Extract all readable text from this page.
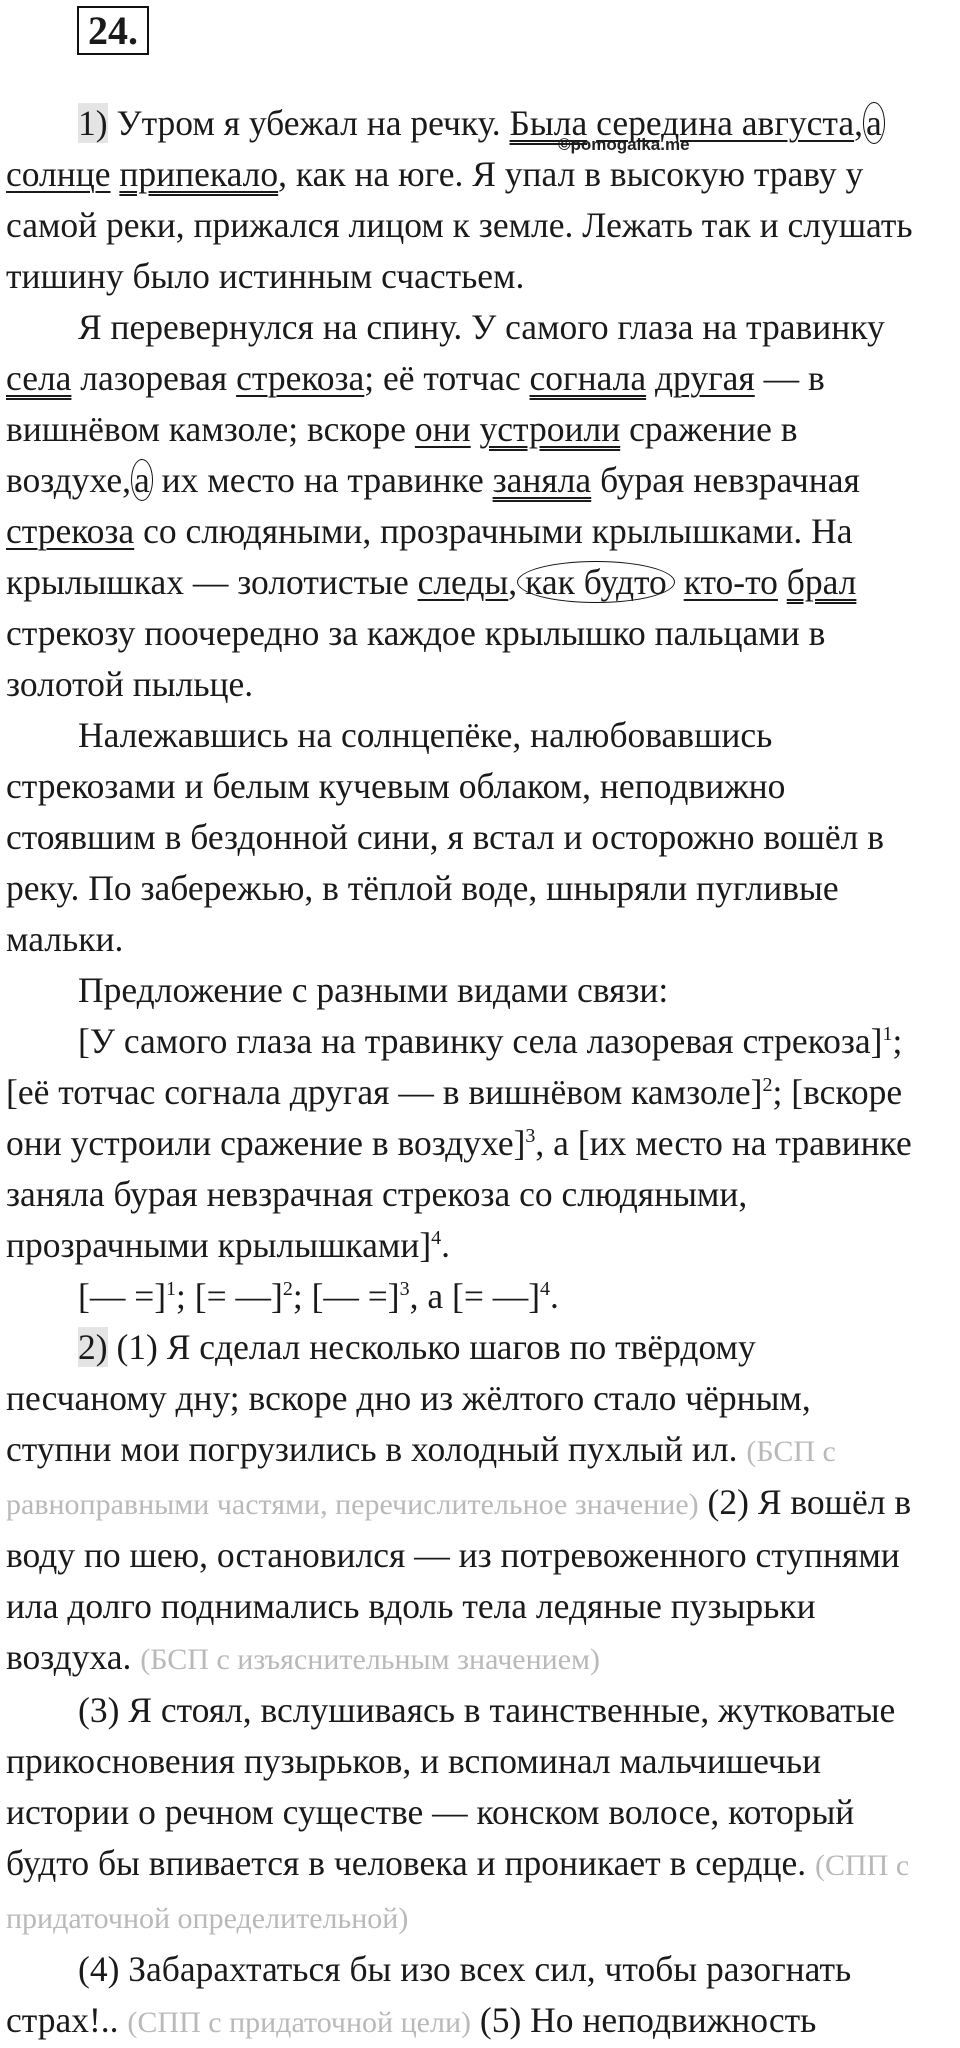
24.
©pomogalka.me

1) Утром я убежал на речку. Была середина августа,а солнце припекало, как на юге. Я упал в высокую траву у самой реки, прижался лицом к земле. Лежать так и слушать тишину было истинным счастьем.

Я перевернулся на спину. У самого глаза на травинку села лазоревая стрекоза; её тотчас согнала другая — в вишнёвом камзоле; вскоре они устроили сражение в воздухе,а их место на травинке заняла бурая невзрачная стрекоза со слюдяными, прозрачными крылышками. На крылышках — золотистые следы, как будто кто-то брал стрекозу поочередно за каждое крылышко пальцами в золотой пыльце.

Належавшись на солнцепёке, налюбовавшись стрекозами и белым кучевым облаком, неподвижно стоявшим в бездонной сини, я встал и осторожно вошёл в реку. По забережью, в тёплой воде, шныряли пугливые мальки.

Предложение с разными видами связи:

[У самого глаза на травинку села лазоревая стрекоза]$^1$; [её тотчас согнала другая — в вишнёвом камзоле]$^2$; [вскоре они устроили сражение в воздухе]$^3$, а [их место на травинке заняла бурая невзрачная стрекоза со слюдяными, прозрачными крылышками]$^4$.

[— =]$^1$; [= —]$^2$; [— =]$^3$, а [= —]$^4$.

2) (1) Я сделал несколько шагов по твёрдому песчаному дну; вскоре дно из жёлтого стало чёрным, ступни мои погрузились в холодный пухлый ил. (БСП с равноправными частями, перечислительное значение) (2) Я вошёл в воду по шею, остановился — из потревоженного ступнями ила долго поднимались вдоль тела ледяные пузырьки воздуха. (БСП с изъяснительным значением)

(3) Я стоял, вслушиваясь в таинственные, жутковатые прикосновения пузырьков, и вспоминал мальчишечьи истории о речном существе — конском волосе, который будто бы впивается в человека и проникает в сердце. (СПП с придаточной определительной)

(4) Забарахтаться бы изо всех сил, чтобы разогнать страх!.. (СПП с придаточной цели) (5) Но неподвижность
